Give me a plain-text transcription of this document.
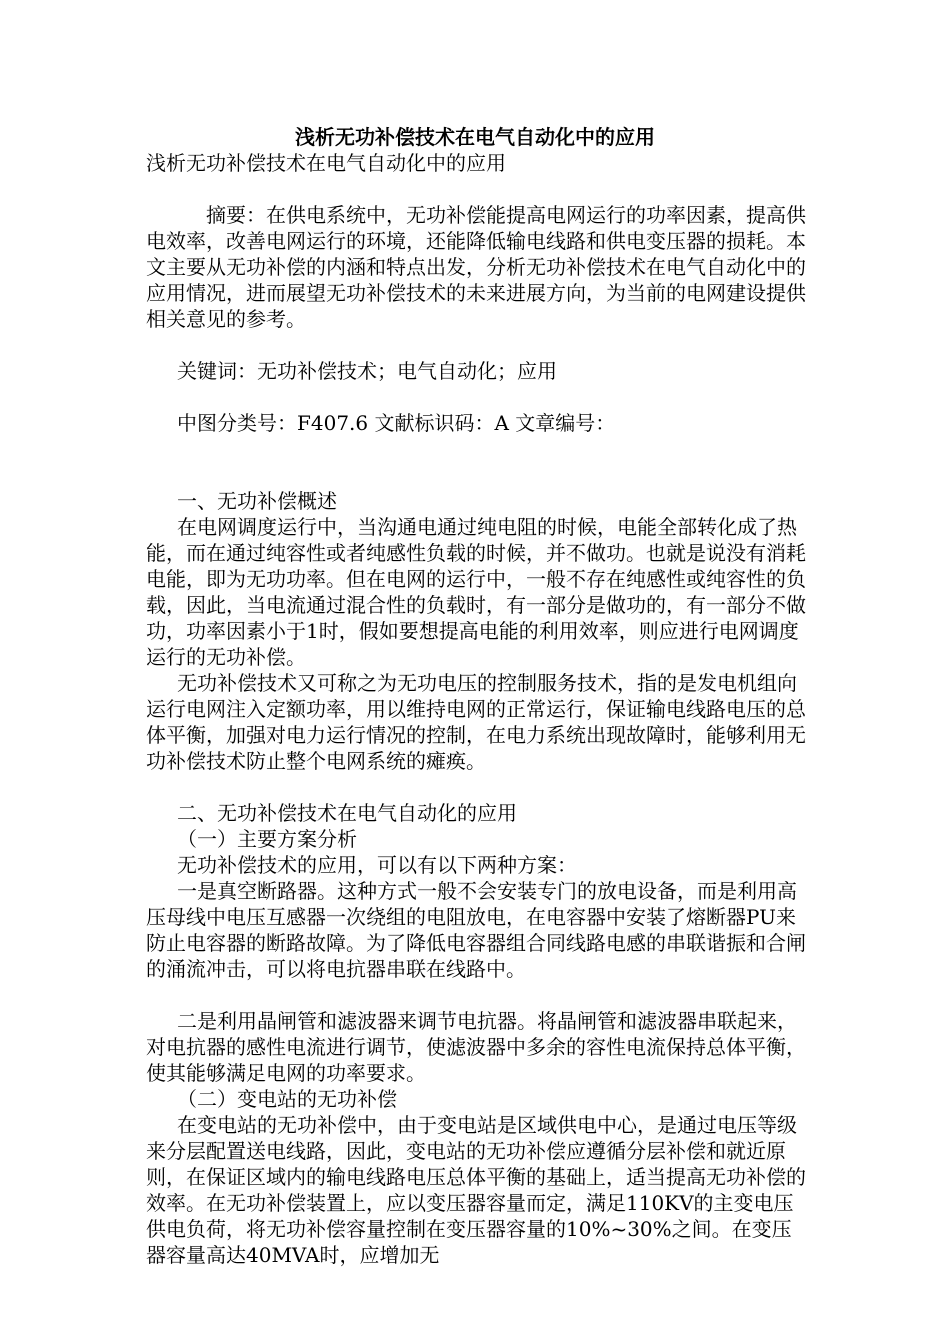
浅析无功补偿技术在电气自动化中的应用

浅析无功补偿技术在电气自动化中的应用

　摘要：在供电系统中，无功补偿能提高电网运行的功率因素，提高供电效率，改善电网运行的环境，还能降低输电线路和供电变压器的损耗。本文主要从无功补偿的内涵和特点出发，分析无功补偿技术在电气自动化中的应用情况，进而展望无功补偿技术的未来进展方向，为当前的电网建设提供相关意见的参考。

关键词：无功补偿技术；电气自动化；应用

中图分类号：F407.6 文献标识码：A 文章编号：

一、无功补偿概述

在电网调度运行中，当沟通电通过纯电阻的时候，电能全部转化成了热能，而在通过纯容性或者纯感性负载的时候，并不做功。也就是说没有消耗电能，即为无功功率。但在电网的运行中，一般不存在纯感性或纯容性的负载，因此，当电流通过混合性的负载时，有一部分是做功的，有一部分不做功，功率因素小于1时，假如要想提高电能的利用效率，则应进行电网调度运行的无功补偿。

无功补偿技术又可称之为无功电压的控制服务技术，指的是发电机组向运行电网注入定额功率，用以维持电网的正常运行，保证输电线路电压的总体平衡，加强对电力运行情况的控制，在电力系统出现故障时，能够利用无功补偿技术防止整个电网系统的瘫痪。

二、无功补偿技术在电气自动化的应用

（一）主要方案分析

无功补偿技术的应用，可以有以下两种方案：

一是真空断路器。这种方式一般不会安装专门的放电设备，而是利用高压母线中电压互感器一次绕组的电阻放电，在电容器中安装了熔断器PU来防止电容器的断路故障。为了降低电容器组合同线路电感的串联谐振和合闸的涌流冲击，可以将电抗器串联在线路中。

二是利用晶闸管和滤波器来调节电抗器。将晶闸管和滤波器串联起来，对电抗器的感性电流进行调节，使滤波器中多余的容性电流保持总体平衡，使其能够满足电网的功率要求。

（二）变电站的无功补偿

在变电站的无功补偿中，由于变电站是区域供电中心，是通过电压等级来分层配置送电线路，因此，变电站的无功补偿应遵循分层补偿和就近原则，在保证区域内的输电线路电压总体平衡的基础上，适当提高无功补偿的效率。在无功补偿装置上，应以变压器容量而定，满足110KV的主变电压供电负荷，将无功补偿容量控制在变压器容量的10%~30%之间。在变压器容量高达40MVA时，应增加无
